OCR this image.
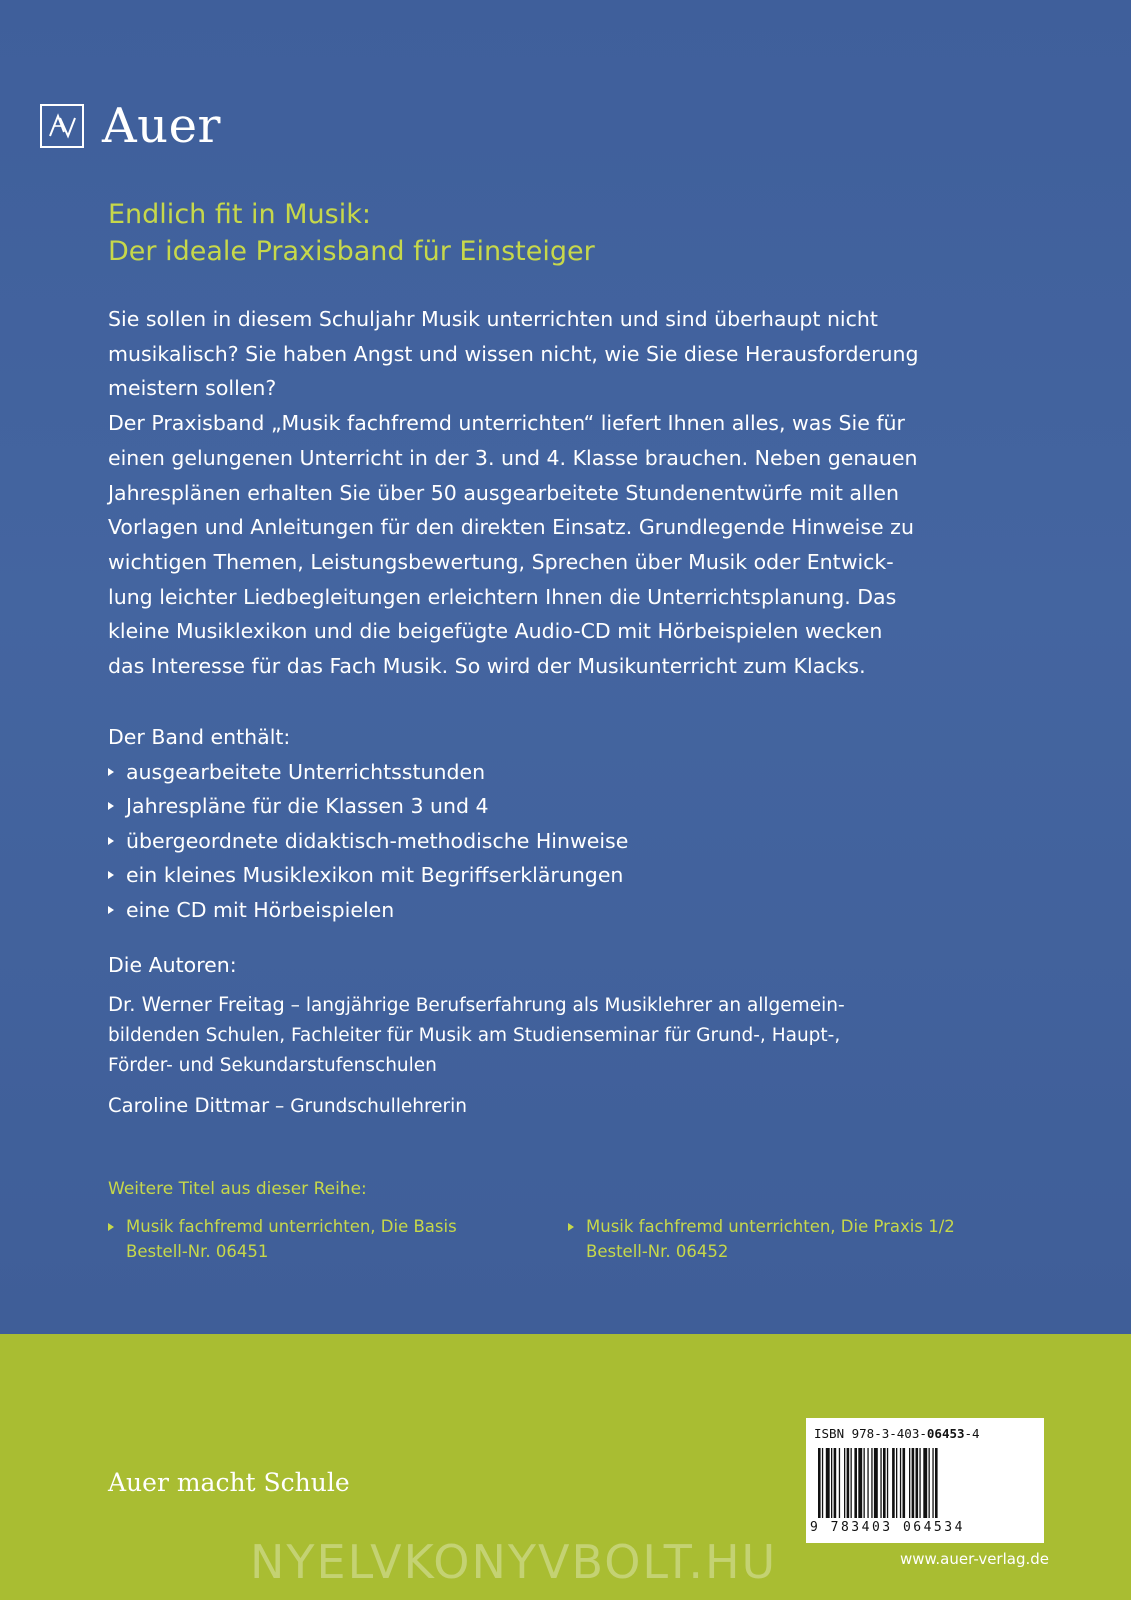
Auer
Endlich fit in Musik:
Der ideale Praxisband für Einsteiger
Sie sollen in diesem Schuljahr Musik unterrichten und sind überhaupt nicht
musikalisch? Sie haben Angst und wissen nicht, wie Sie diese Herausforderung
meistern sollen?
Der Praxisband „Musik fachfremd unterrichten“ liefert Ihnen alles, was Sie für
einen gelungenen Unterricht in der 3. und 4. Klasse brauchen. Neben genauen
Jahresplänen erhalten Sie über 50 ausgearbeitete Stundenentwürfe mit allen
Vorlagen und Anleitungen für den direkten Einsatz. Grundlegende Hinweise zu
wichtigen Themen, Leistungsbewertung, Sprechen über Musik oder Entwick-
lung leichter Liedbegleitungen erleichtern Ihnen die Unterrichtsplanung. Das
kleine Musiklexikon und die beigefügte Audio-CD mit Hörbeispielen wecken
das Interesse für das Fach Musik. So wird der Musikunterricht zum Klacks.
Der Band enthält:
ausgearbeitete Unterrichtsstunden
Jahrespläne für die Klassen 3 und 4
übergeordnete didaktisch-methodische Hinweise
ein kleines Musiklexikon mit Begriffserklärungen
eine CD mit Hörbeispielen
Die Autoren:
Dr. Werner Freitag – langjährige Berufserfahrung als Musiklehrer an allgemein-
bildenden Schulen, Fachleiter für Musik am Studienseminar für Grund-, Haupt-,
Förder- und Sekundarstufenschulen
Caroline Dittmar – Grundschullehrerin
Weitere Titel aus dieser Reihe:
Musik fachfremd unterrichten, Die Basis
Bestell-Nr. 06451
Musik fachfremd unterrichten, Die Praxis 1/2
Bestell-Nr. 06452
Auer macht Schule
ISBN 978-3-403-06453-4
9 783403 064534
www.auer-verlag.de
NYELVKONYVBOLT.HU
